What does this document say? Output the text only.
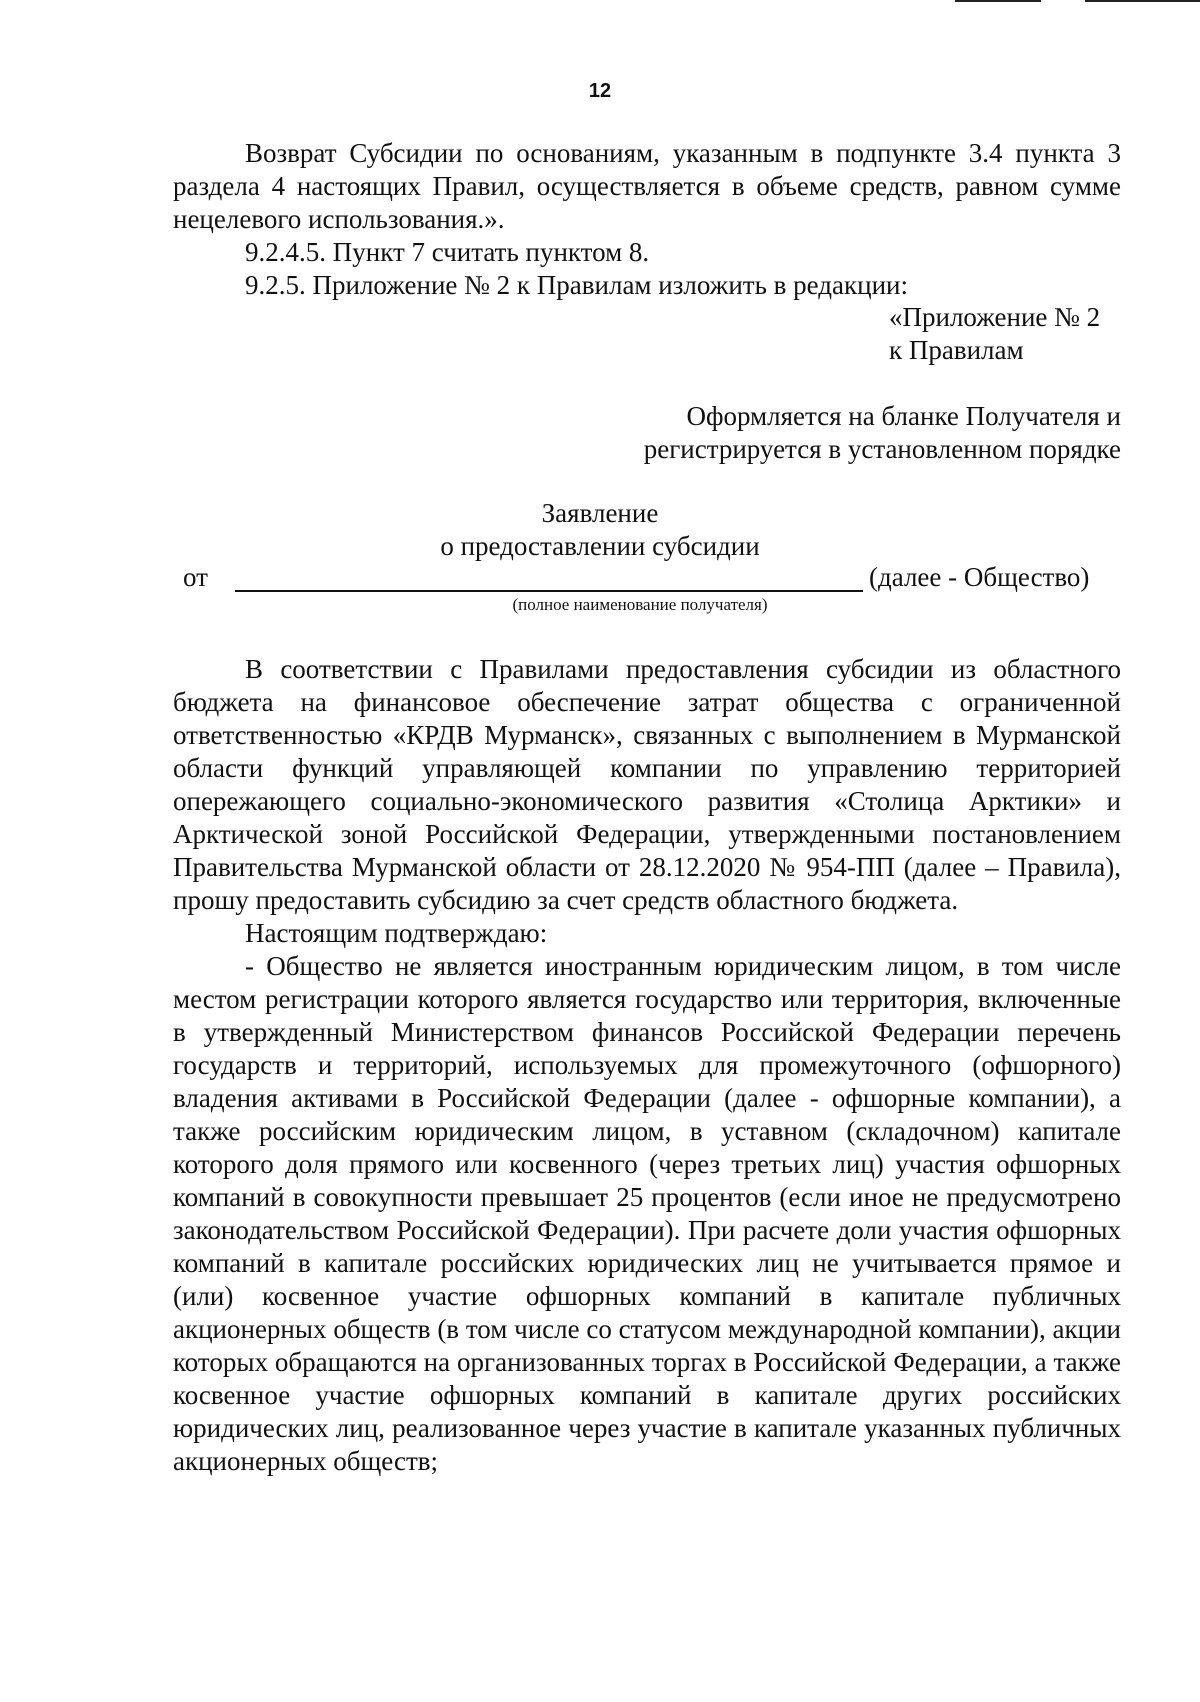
12

Возврат Субсидии по основаниям, указанным в подпункте 3.4 пункта 3 раздела 4 настоящих Правил, осуществляется в объеме средств, равном сумме нецелевого использования.».

9.2.4.5. Пункт 7 считать пунктом 8.

9.2.5. Приложение № 2 к Правилам изложить в редакции:

«Приложение № 2
к Правилам
Оформляется на бланке Получателя и
регистрируется в установленном порядке
Заявление
о предоставлении субсидии
от	(далее - Общество)
(полное наименование получателя)

В соответствии с Правилами предоставления субсидии из областного бюджета на финансовое обеспечение затрат общества с ограниченной ответственностью «КРДВ Мурманск», связанных с выполнением в Мурманской области функций управляющей компании по управлению территорией опережающего социально-экономического развития «Столица Арктики» и Арктической зоной Российской Федерации, утвержденными постановлением Правительства Мурманской области от 28.12.2020 № 954-ПП (далее – Правила), прошу предоставить субсидию за счет средств областного бюджета.

Настоящим подтверждаю:

- Общество не является иностранным юридическим лицом, в том числе местом регистрации которого является государство или территория, включенные в утвержденный Министерством финансов Российской Федерации перечень государств и территорий, используемых для промежуточного (офшорного) владения активами в Российской Федерации (далее - офшорные компании), а также российским юридическим лицом, в уставном (складочном) капитале которого доля прямого или косвенного (через третьих лиц) участия офшорных компаний в совокупности превышает 25 процентов (если иное не предусмотрено законодательством Российской Федерации). При расчете доли участия офшорных компаний в капитале российских юридических лиц не учитывается прямое и (или) косвенное участие офшорных компаний в капитале публичных акционерных обществ (в том числе со статусом международной компании), акции которых обращаются на организованных торгах в Российской Федерации, а также косвенное участие офшорных компаний в капитале других российских юридических лиц, реализованное через участие в капитале указанных публичных акционерных обществ;
